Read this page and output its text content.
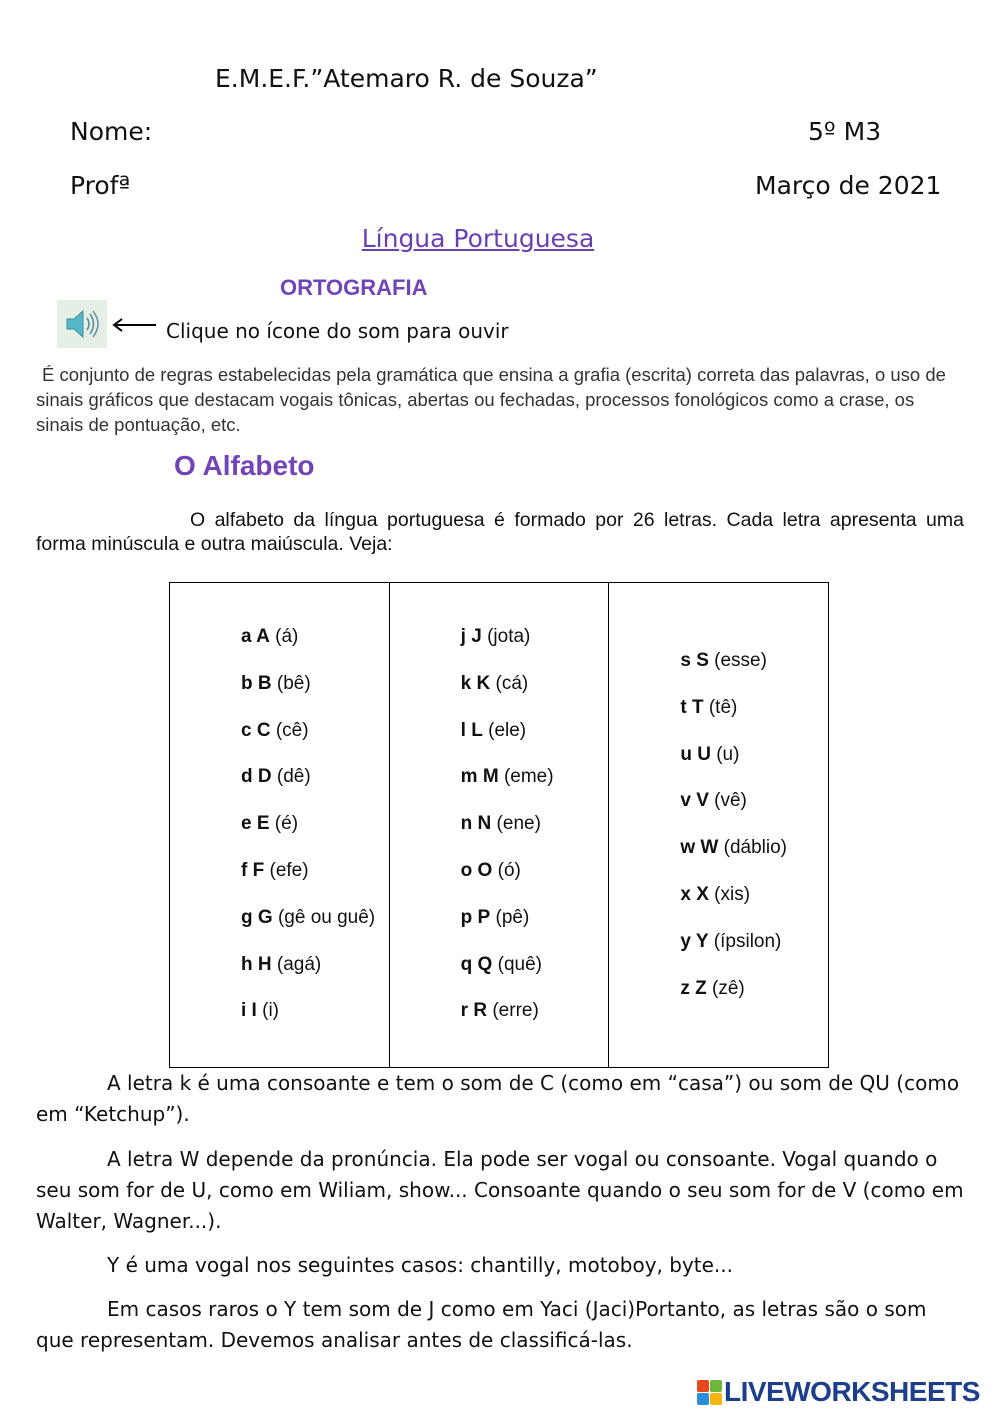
E.M.E.F.”Atemaro R. de Souza”
Nome:	5º M3
Profª	Março de 2021
Língua Portuguesa
ORTOGRAFIA
Clique no ícone do som para ouvir

É conjunto de regras estabelecidas pela gramática que ensina a grafia (escrita) correta das palavras, o uso de sinais gráficos que destacam vogais tônicas, abertas ou fechadas, processos fonológicos como a crase, os sinais de pontuação, etc.

O Alfabeto

O alfabeto da língua portuguesa é formado por 26 letras. Cada letra apresenta uma forma minúscula e outra maiúscula. Veja:

a A (á)
b B (bê)
c C (cê)
d D (dê)
e E (é)
f F (efe)
g G (gê ou guê)
h H (agá)
i I (i)
j J (jota)
k K (cá)
l L (ele)
m M (eme)
n N (ene)
o O (ó)
p P (pê)
q Q (quê)
r R (erre)
s S (esse)
t T (tê)
u U (u)
v V (vê)
w W (dáblio)
x X (xis)
y Y (ípsilon)
z Z (zê)

A letra k é uma consoante e tem o som de C (como em “casa”) ou som de QU (como em “Ketchup”).

A letra W depende da pronúncia. Ela pode ser vogal ou consoante. Vogal quando o seu som for de U, como em Wiliam, show... Consoante quando o seu som for de V (como em Walter, Wagner...).

Y é uma vogal nos seguintes casos: chantilly, motoboy, byte...

Em casos raros o Y tem som de J como em Yaci (Jaci)Portanto, as letras são o som que representam. Devemos analisar antes de classificá-las.

LIVEWORKSHEETS
